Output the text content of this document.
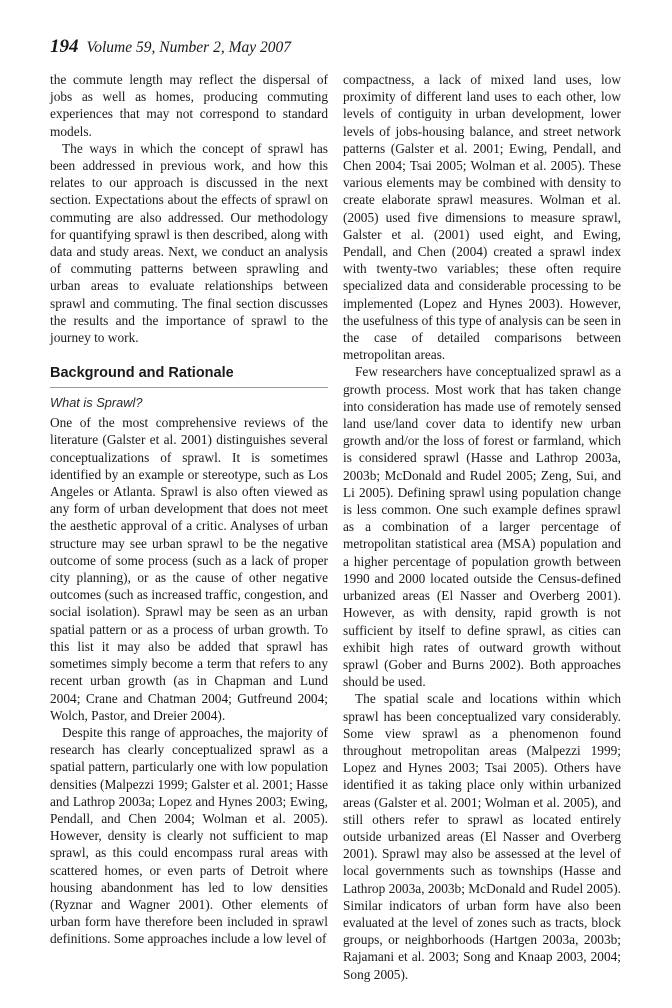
194 Volume 59, Number 2, May 2007

the commute length may reflect the dispersal of jobs as well as homes, producing commuting experiences that may not correspond to standard models.

The ways in which the concept of sprawl has been addressed in previous work, and how this relates to our approach is discussed in the next section. Expectations about the effects of sprawl on commuting are also addressed. Our methodology for quantifying sprawl is then described, along with data and study areas. Next, we conduct an analysis of commuting patterns between sprawling and urban areas to evaluate relationships between sprawl and commuting. The final section discusses the results and the importance of sprawl to the journey to work.

Background and Rationale
What is Sprawl?

One of the most comprehensive reviews of the literature (Galster et al. 2001) distinguishes several conceptualizations of sprawl. It is sometimes identified by an example or stereotype, such as Los Angeles or Atlanta. Sprawl is also often viewed as any form of urban development that does not meet the aesthetic approval of a critic. Analyses of urban structure may see urban sprawl to be the negative outcome of some process (such as a lack of proper city planning), or as the cause of other negative outcomes (such as increased traffic, congestion, and social isolation). Sprawl may be seen as an urban spatial pattern or as a process of urban growth. To this list it may also be added that sprawl has sometimes simply become a term that refers to any recent urban growth (as in Chapman and Lund 2004; Crane and Chatman 2004; Gutfreund 2004; Wolch, Pastor, and Dreier 2004).

Despite this range of approaches, the majority of research has clearly conceptualized sprawl as a spatial pattern, particularly one with low population densities (Malpezzi 1999; Galster et al. 2001; Hasse and Lathrop 2003a; Lopez and Hynes 2003; Ewing, Pendall, and Chen 2004; Wolman et al. 2005). However, density is clearly not sufficient to map sprawl, as this could encompass rural areas with scattered homes, or even parts of Detroit where housing abandonment has led to low densities (Ryznar and Wagner 2001). Other elements of urban form have therefore been included in sprawl definitions. Some approaches include a low level of

compactness, a lack of mixed land uses, low proximity of different land uses to each other, low levels of contiguity in urban development, lower levels of jobs-housing balance, and street network patterns (Galster et al. 2001; Ewing, Pendall, and Chen 2004; Tsai 2005; Wolman et al. 2005). These various elements may be combined with density to create elaborate sprawl measures. Wolman et al. (2005) used five dimensions to measure sprawl, Galster et al. (2001) used eight, and Ewing, Pendall, and Chen (2004) created a sprawl index with twenty-two variables; these often require specialized data and considerable processing to be implemented (Lopez and Hynes 2003). However, the usefulness of this type of analysis can be seen in the case of detailed comparisons between metropolitan areas.

Few researchers have conceptualized sprawl as a growth process. Most work that has taken change into consideration has made use of remotely sensed land use/land cover data to identify new urban growth and/or the loss of forest or farmland, which is considered sprawl (Hasse and Lathrop 2003a, 2003b; McDonald and Rudel 2005; Zeng, Sui, and Li 2005). Defining sprawl using population change is less common. One such example defines sprawl as a combination of a larger percentage of metropolitan statistical area (MSA) population and a higher percentage of population growth between 1990 and 2000 located outside the Census-defined urbanized areas (El Nasser and Overberg 2001). However, as with density, rapid growth is not sufficient by itself to define sprawl, as cities can exhibit high rates of outward growth without sprawl (Gober and Burns 2002). Both approaches should be used.

The spatial scale and locations within which sprawl has been conceptualized vary considerably. Some view sprawl as a phenomenon found throughout metropolitan areas (Malpezzi 1999; Lopez and Hynes 2003; Tsai 2005). Others have identified it as taking place only within urbanized areas (Galster et al. 2001; Wolman et al. 2005), and still others refer to sprawl as located entirely outside urbanized areas (El Nasser and Overberg 2001). Sprawl may also be assessed at the level of local governments such as townships (Hasse and Lathrop 2003a, 2003b; McDonald and Rudel 2005). Similar indicators of urban form have also been evaluated at the level of zones such as tracts, block groups, or neighborhoods (Hartgen 2003a, 2003b; Rajamani et al. 2003; Song and Knaap 2003, 2004; Song 2005).
